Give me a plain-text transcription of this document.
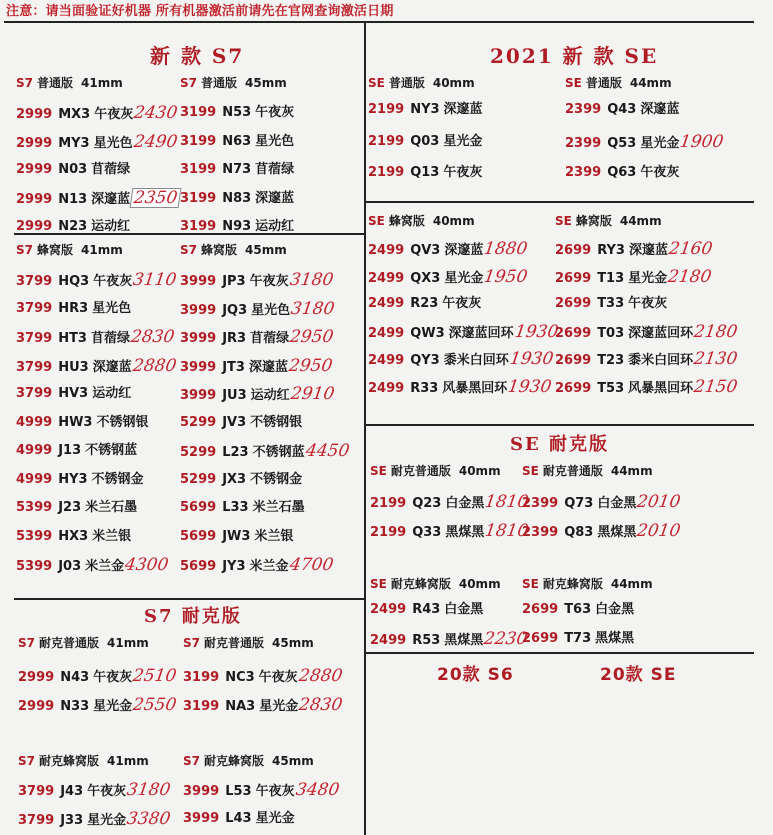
注意：请当面验证好机器 所有机器激活前请先在官网查询激活日期
新 款 S7
S7 耐克版
2021 新 款 SE
SE 耐克版
S7 普通版 41mm
2999 MX3 午夜灰2430
2999 MY3 星光色2490
2999 N03 苜蓿绿
2999 N13 深邃蓝 2350
2999 N23 运动红
S7 普通版 45mm
3199 N53 午夜灰
3199 N63 星光色
3199 N73 苜蓿绿
3199 N83 深邃蓝
3199 N93 运动红
S7 蜂窝版 41mm
3799 HQ3 午夜灰3110
3799 HR3 星光色
3799 HT3 苜蓿绿2830
3799 HU3 深邃蓝2880
3799 HV3 运动红
4999 HW3 不锈钢银
4999 J13 不锈钢蓝
4999 HY3 不锈钢金
5399 J23 米兰石墨
5399 HX3 米兰银
5399 J03 米兰金4300
S7 蜂窝版 45mm
3999 JP3 午夜灰3180
3999 JQ3 星光色3180
3999 JR3 苜蓿绿2950
3999 JT3 深邃蓝2950
3999 JU3 运动红2910
5299 JV3 不锈钢银
5299 L23 不锈钢蓝4450
5299 JX3 不锈钢金
5699 L33 米兰石墨
5699 JW3 米兰银
5699 JY3 米兰金4700
S7 耐克普通版 41mm
2999 N43 午夜灰2510
2999 N33 星光金2550
S7 耐克普通版 45mm
3199 NC3 午夜灰2880
3199 NA3 星光金2830
S7 耐克蜂窝版 41mm
3799 J43 午夜灰3180
3799 J33 星光金3380
S7 耐克蜂窝版 45mm
3999 L53 午夜灰3480
3999 L43 星光金
SE 普通版 40mm
2199 NY3 深邃蓝
2199 Q03 星光金
2199 Q13 午夜灰
SE 普通版 44mm
2399 Q43 深邃蓝
2399 Q53 星光金1900
2399 Q63 午夜灰
SE 蜂窝版 40mm
2499 QV3 深邃蓝1880
2499 QX3 星光金1950
2499 R23 午夜灰
2499 QW3 深邃蓝回环1930
2499 QY3 黍米白回环1930
2499 R33 风暴黑回环1930
SE 蜂窝版 44mm
2699 RY3 深邃蓝2160
2699 T13 星光金2180
2699 T33 午夜灰
2699 T03 深邃蓝回环2180
2699 T23 黍米白回环2130
2699 T53 风暴黑回环2150
SE 耐克普通版 40mm
2199 Q23 白金黑1810
2199 Q33 黑煤黑1810
SE 耐克普通版 44mm
2399 Q73 白金黑2010
2399 Q83 黑煤黑2010
SE 耐克蜂窝版 40mm
2499 R43 白金黑
2499 R53 黑煤黑2230
SE 耐克蜂窝版 44mm
2699 T63 白金黑
2699 T73 黑煤黑
20款 S6	20款 SE
